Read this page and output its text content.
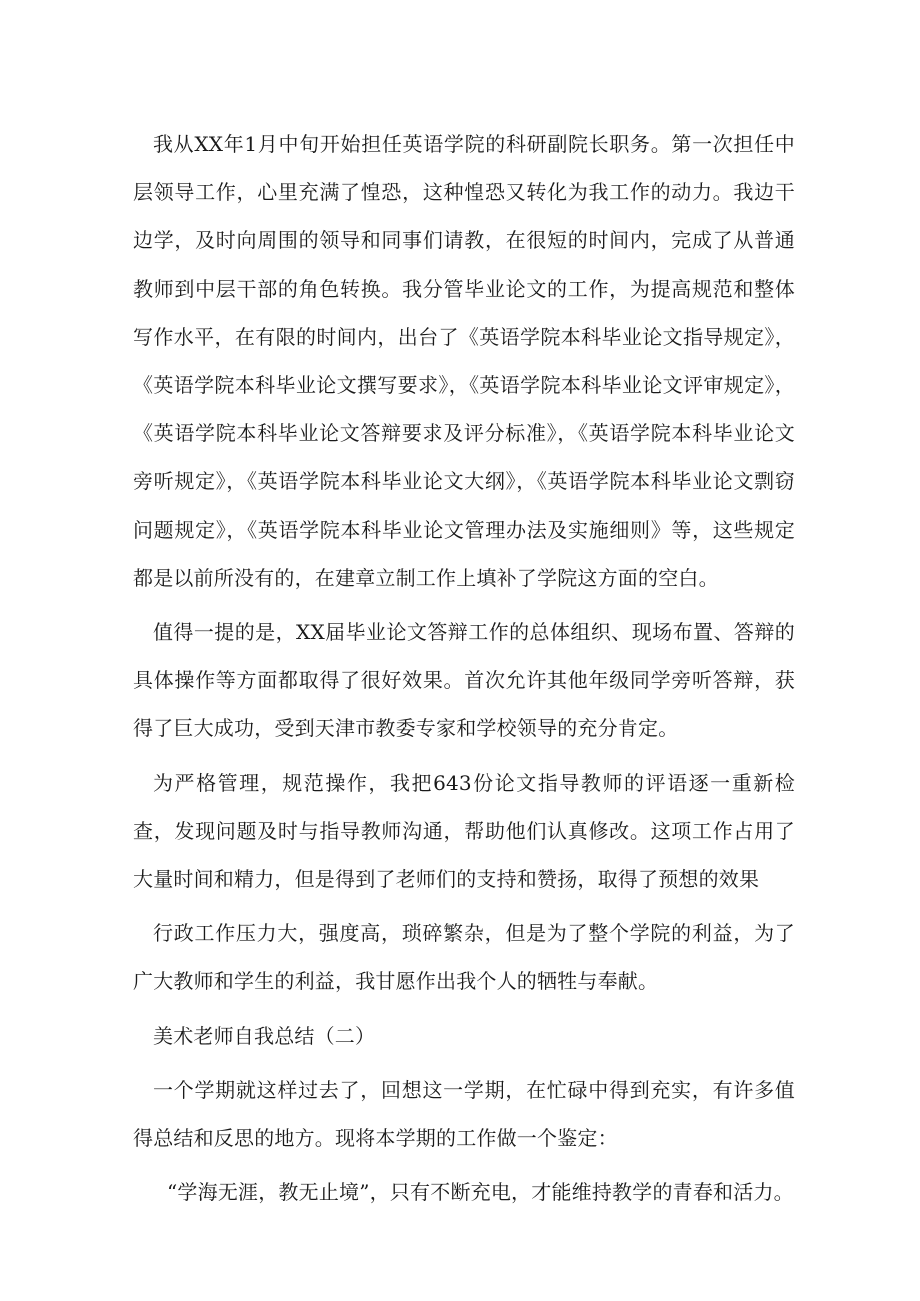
我从XX年1月中旬开始担任英语学院的科研副院长职务。第一次担任中层领导工作，心里充满了惶恐，这种惶恐又转化为我工作的动力。我边干边学，及时向周围的领导和同事们请教，在很短的时间内，完成了从普通教师到中层干部的角色转换。我分管毕业论文的工作，为提高规范和整体写作水平，在有限的时间内，出台了《英语学院本科毕业论文指导规定》，《英语学院本科毕业论文撰写要求》，《英语学院本科毕业论文评审规定》，《英语学院本科毕业论文答辩要求及评分标准》，《英语学院本科毕业论文旁听规定》，《英语学院本科毕业论文大纲》，《英语学院本科毕业论文剽窃问题规定》，《英语学院本科毕业论文管理办法及实施细则》等，这些规定都是以前所没有的，在建章立制工作上填补了学院这方面的空白。

值得一提的是，XX届毕业论文答辩工作的总体组织、现场布置、答辩的具体操作等方面都取得了很好效果。首次允许其他年级同学旁听答辩，获得了巨大成功，受到天津市教委专家和学校领导的充分肯定。

为严格管理，规范操作，我把643份论文指导教师的评语逐一重新检查，发现问题及时与指导教师沟通，帮助他们认真修改。这项工作占用了大量时间和精力，但是得到了老师们的支持和赞扬，取得了预想的效果

行政工作压力大，强度高，琐碎繁杂，但是为了整个学院的利益，为了广大教师和学生的利益，我甘愿作出我个人的牺牲与奉献。

美术老师自我总结（二）

一个学期就这样过去了，回想这一学期，在忙碌中得到充实，有许多值得总结和反思的地方。现将本学期的工作做一个鉴定：

“学海无涯，教无止境”，只有不断充电，才能维持教学的青春和活力。
